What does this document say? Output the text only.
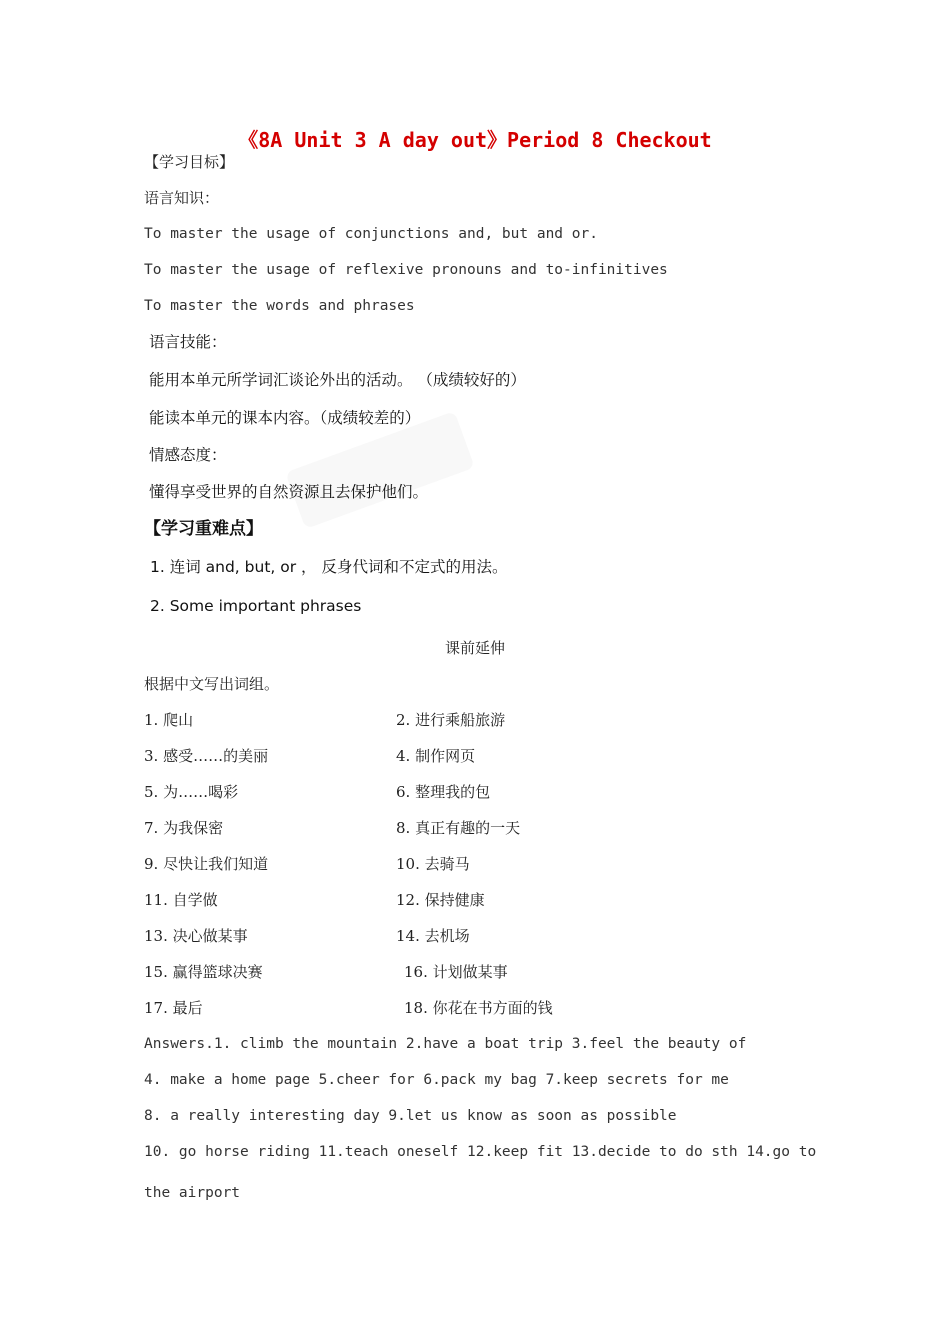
《8A Unit 3 A day out》Period 8 Checkout
【学习目标】
语言知识：
To master the usage of conjunctions and, but and or.
To master the usage of reflexive pronouns and to-infinitives
To master the words and phrases
语言技能：
能用本单元所学词汇谈论外出的活动。 （成绩较好的）
能读本单元的课本内容。（成绩较差的）
情感态度：
懂得享受世界的自然资源且去保护他们。
【学习重难点】
1. 连词 and, but, or ， 反身代词和不定式的用法。
2. Some important phrases
课前延伸
根据中文写出词组。
1. 爬山	2. 进行乘船旅游
3. 感受……的美丽	4. 制作网页
5. 为……喝彩	6. 整理我的包
7. 为我保密	8. 真正有趣的一天
9. 尽快让我们知道	10. 去骑马
11. 自学做	12. 保持健康
13. 决心做某事	14. 去机场
15. 赢得篮球决赛	16. 计划做某事
17. 最后	18. 你花在书方面的钱
Answers.1. climb the mountain 2.have a boat trip 3.feel the beauty of
4. make a home page 5.cheer for 6.pack my bag 7.keep secrets for me
8. a really interesting day 9.let us know as soon as possible
10. go horse riding 11.teach oneself 12.keep fit 13.decide to do sth 14.go to
the airport
